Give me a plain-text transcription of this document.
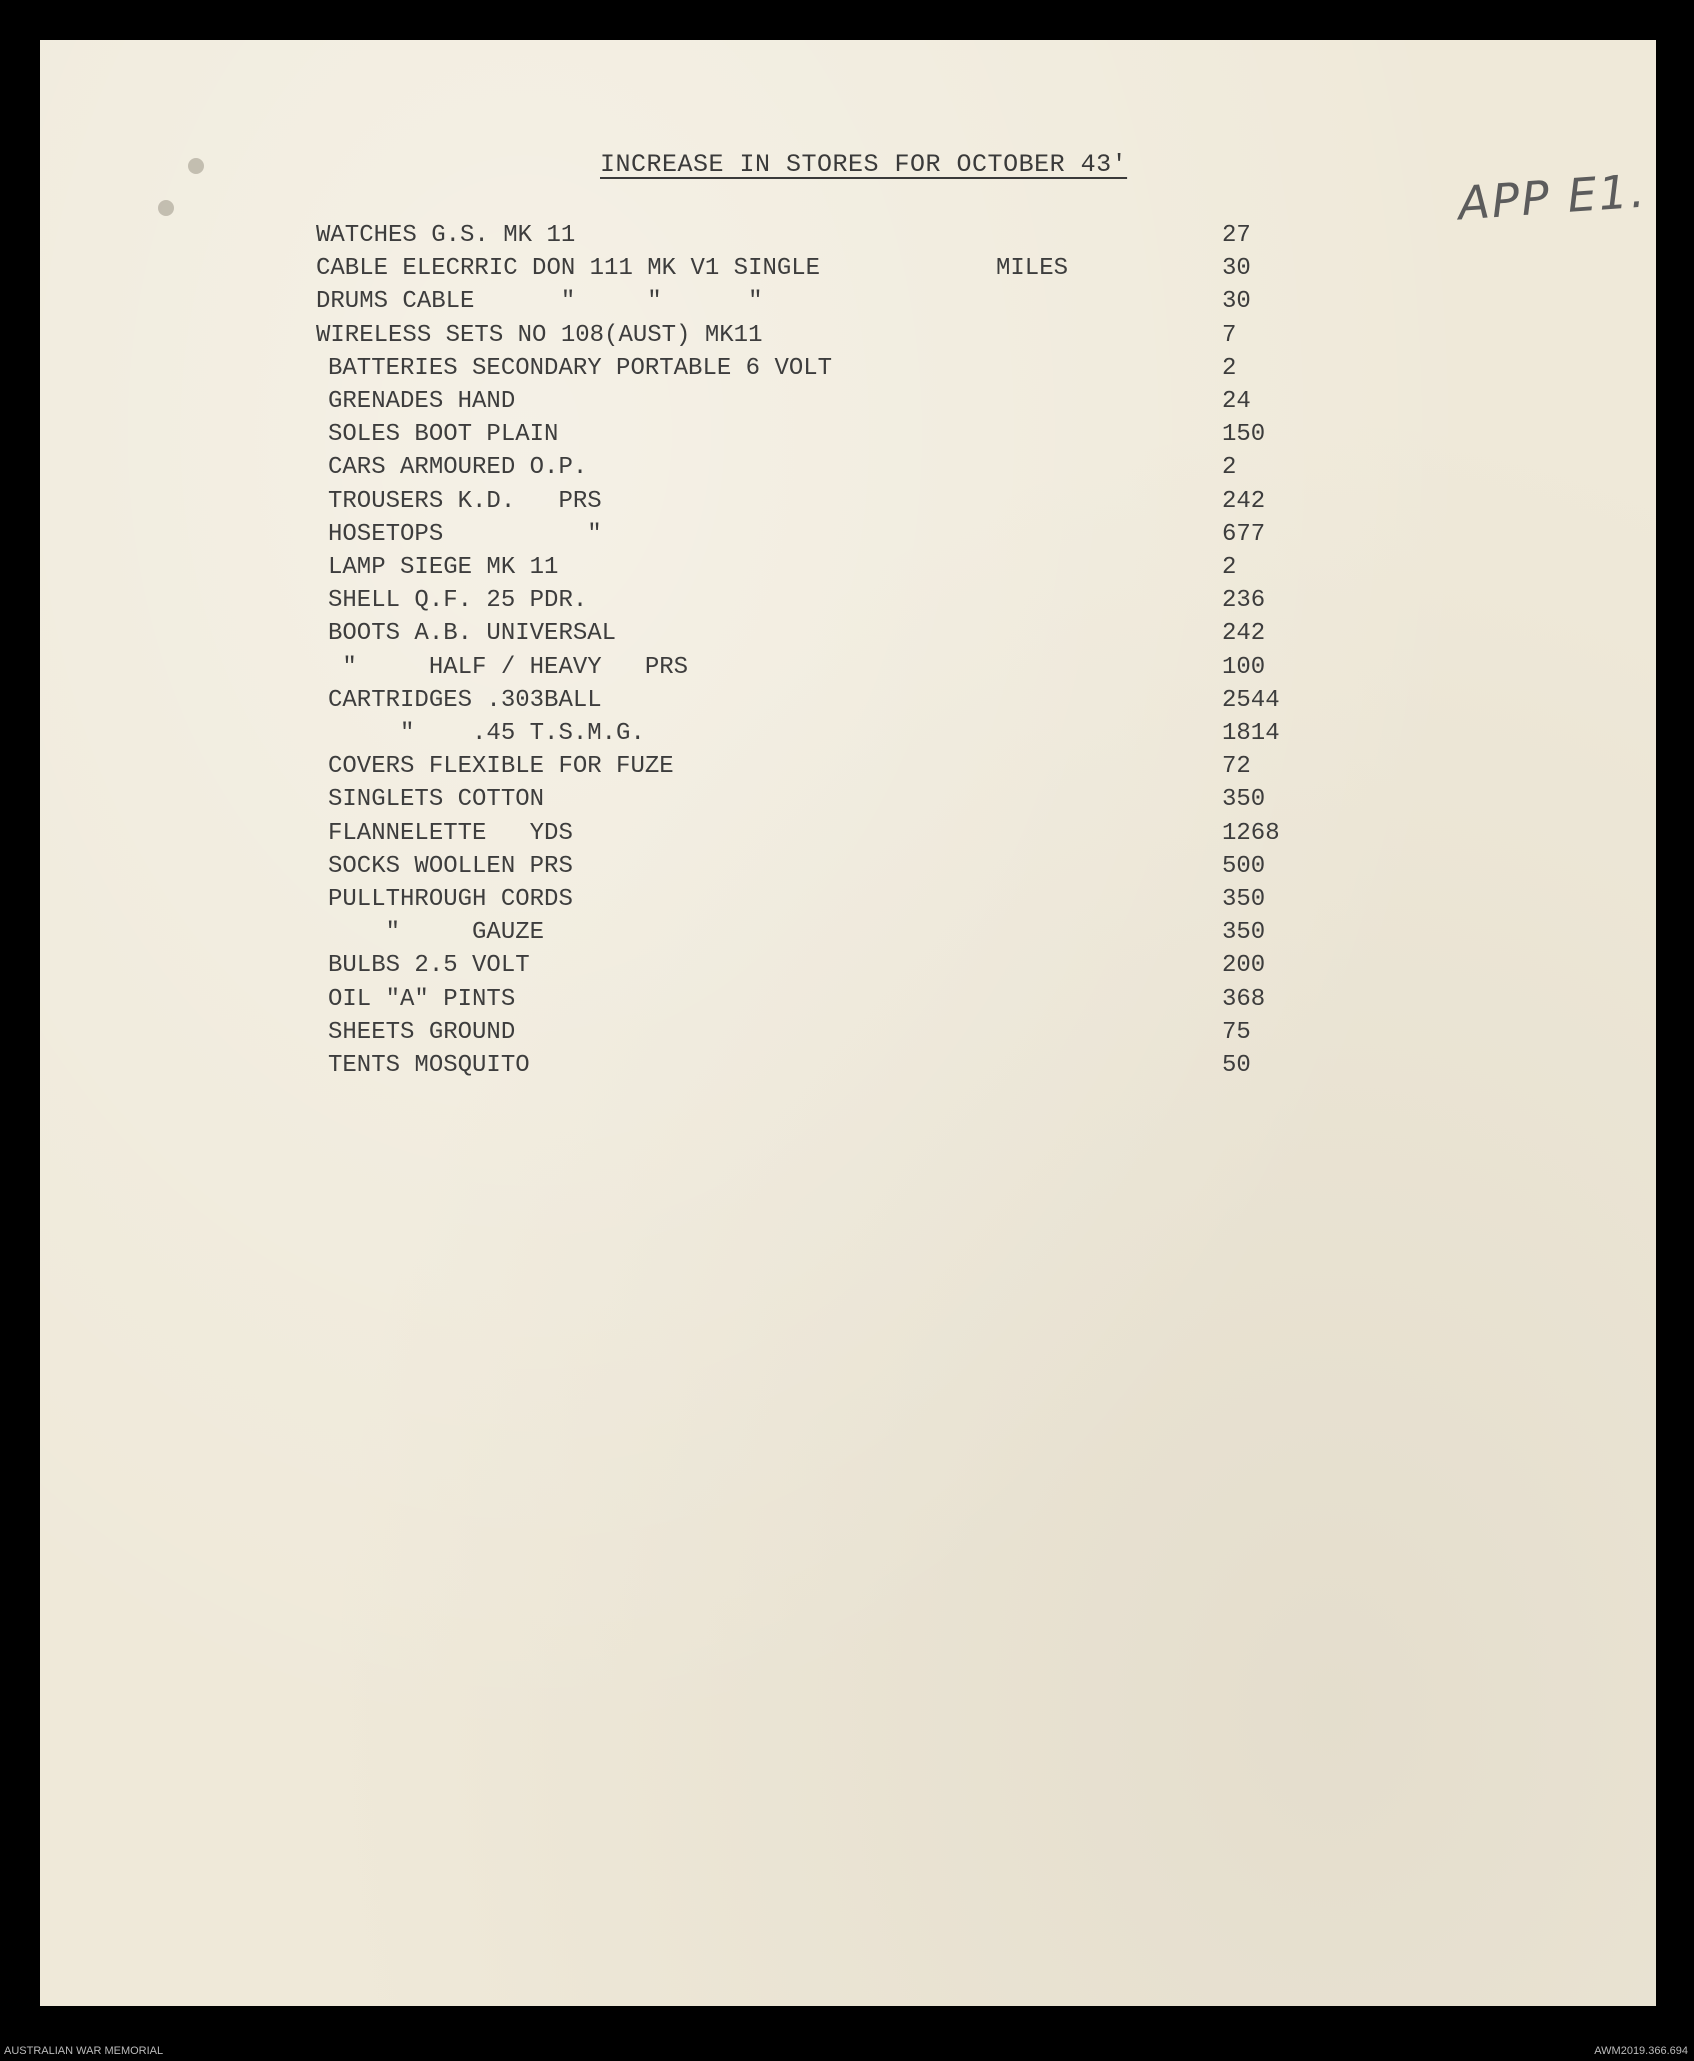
INCREASE IN STORES FOR OCTOBER 43'	APP E1.
WATCHES G.S. MK 11	27
CABLE ELECRRIC DON 111 MK V1 SINGLE	MILES	30
DRUMS CABLE      "     "      "	30
WIRELESS SETS NO 108(AUST) MK11	7
BATTERIES SECONDARY PORTABLE 6 VOLT	2
GRENADES HAND	24
SOLES BOOT PLAIN	150
CARS ARMOURED O.P.	2
TROUSERS K.D.   PRS	242
HOSETOPS          "	677
LAMP SIEGE MK 11	2
SHELL Q.F. 25 PDR.	236
BOOTS A.B. UNIVERSAL	242
"     HALF / HEAVY   PRS	100
CARTRIDGES .303BALL	2544
"    .45 T.S.M.G.	1814
COVERS FLEXIBLE FOR FUZE	72
SINGLETS COTTON	350
FLANNELETTE   YDS	1268
SOCKS WOOLLEN PRS	500
PULLTHROUGH CORDS	350
"     GAUZE	350
BULBS 2.5 VOLT	200
OIL "A" PINTS	368
SHEETS GROUND	75
TENTS MOSQUITO	50
AUSTRALIAN WAR MEMORIAL	AWM2019.366.694
